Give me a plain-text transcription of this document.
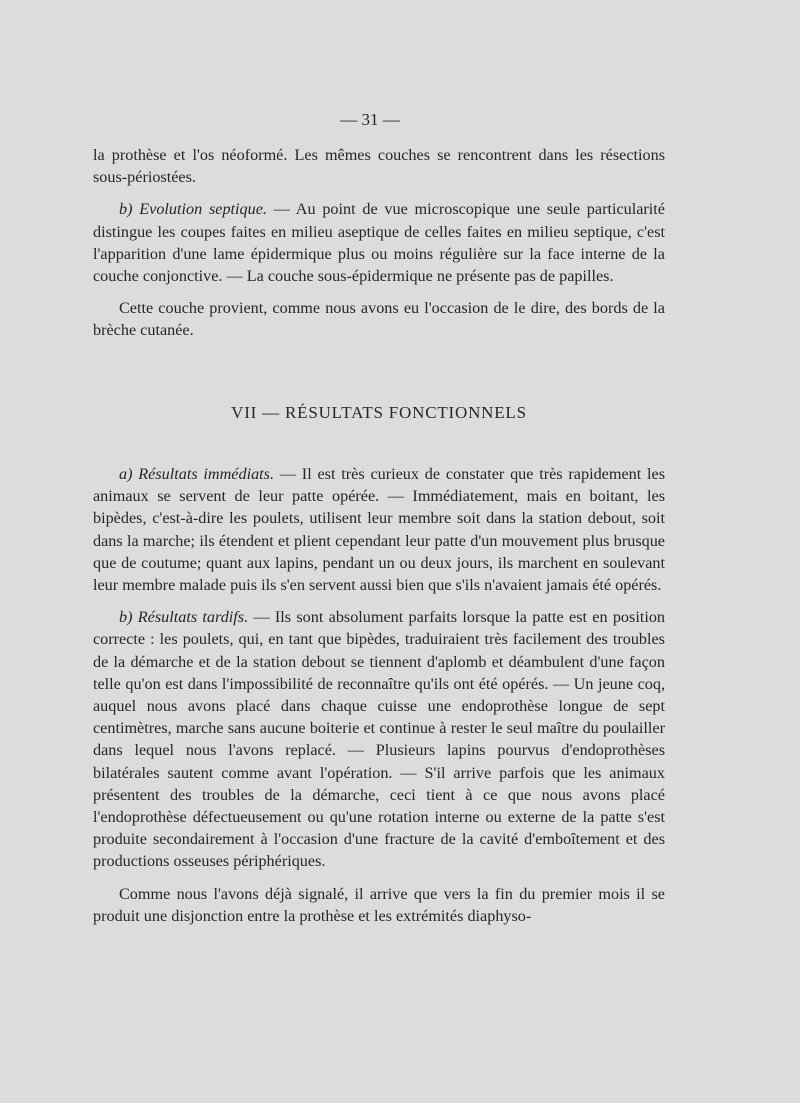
— 31 —

la prothèse et l'os néoformé. Les mêmes couches se rencontrent dans les résections sous-périostées.

b) Evolution septique. — Au point de vue microscopique une seule particularité distingue les coupes faites en milieu aseptique de celles faites en milieu septique, c'est l'apparition d'une lame épidermique plus ou moins régulière sur la face interne de la couche conjonctive. — La couche sous-épidermique ne présente pas de papilles.

Cette couche provient, comme nous avons eu l'occasion de le dire, des bords de la brèche cutanée.

VII — RÉSULTATS FONCTIONNELS

a) Résultats immédiats. — Il est très curieux de constater que très rapidement les animaux se servent de leur patte opérée. — Immédiatement, mais en boitant, les bipèdes, c'est-à-dire les poulets, utilisent leur membre soit dans la station debout, soit dans la marche; ils étendent et plient cependant leur patte d'un mouvement plus brusque que de coutume; quant aux lapins, pendant un ou deux jours, ils marchent en soulevant leur membre malade puis ils s'en servent aussi bien que s'ils n'avaient jamais été opérés.

b) Résultats tardifs. — Ils sont absolument parfaits lorsque la patte est en position correcte : les poulets, qui, en tant que bipèdes, traduiraient très facilement des troubles de la démarche et de la station debout se tiennent d'aplomb et déambulent d'une façon telle qu'on est dans l'impossibilité de reconnaître qu'ils ont été opérés. — Un jeune coq, auquel nous avons placé dans chaque cuisse une endoprothèse longue de sept centimètres, marche sans aucune boiterie et continue à rester le seul maître du poulailler dans lequel nous l'avons replacé. — Plusieurs lapins pourvus d'endoprothèses bilatérales sautent comme avant l'opération. — S'il arrive parfois que les animaux présentent des troubles de la démarche, ceci tient à ce que nous avons placé l'endoprothèse défectueusement ou qu'une rotation interne ou externe de la patte s'est produite secondairement à l'occasion d'une fracture de la cavité d'emboîtement et des productions osseuses périphériques.

Comme nous l'avons déjà signalé, il arrive que vers la fin du premier mois il se produit une disjonction entre la prothèse et les extrémités diaphyso-
